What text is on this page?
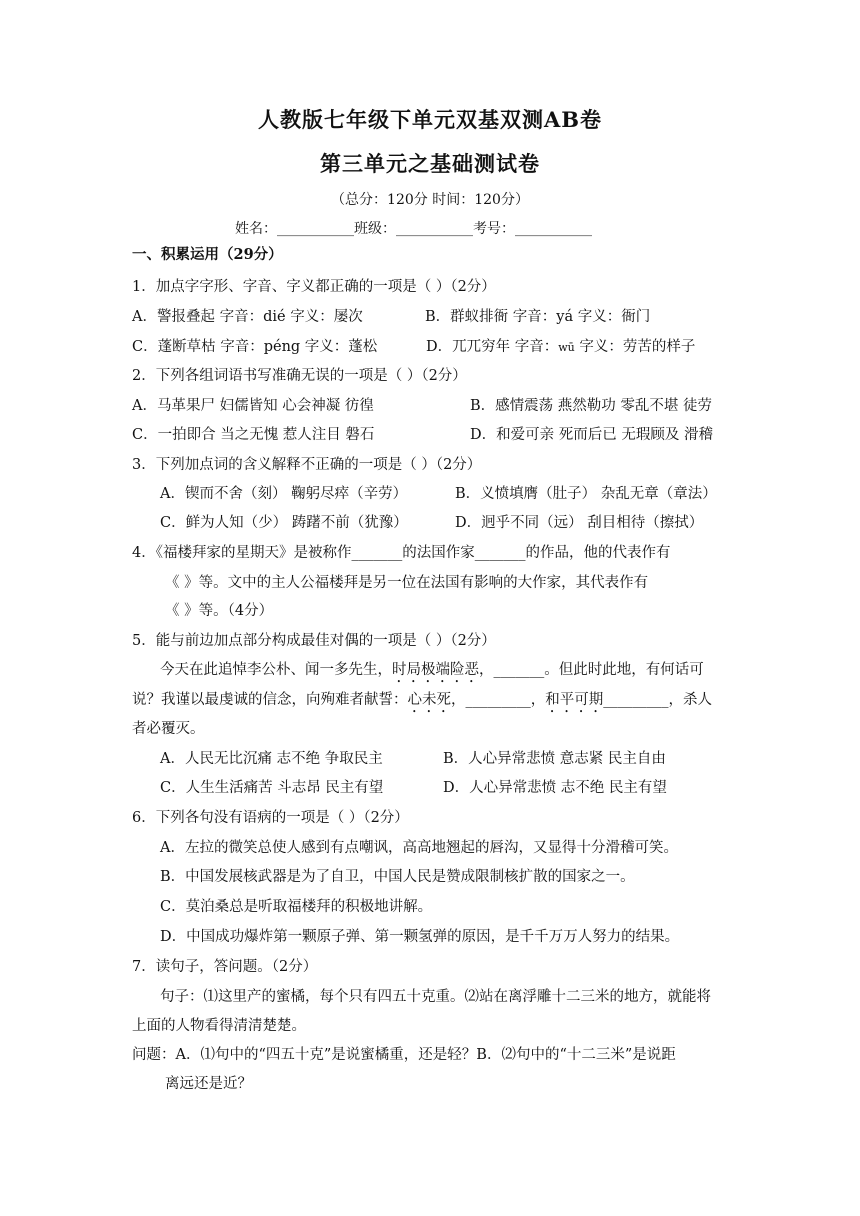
人教版七年级下单元双基双测AB卷
第三单元之基础测试卷
（总分：120分 时间：120分）
姓名：___________班级：___________考号：___________
一、积累运用（29分）
1．加点字字形、字音、字义都正确的一项是（ ）（2分）
A．警报叠起 字音：dié 字义：屡次	B．群蚁排衙 字音：yá 字义：衙门
C．蓬断草枯 字音：péng 字义：蓬松	D．兀兀穷年 字音：wū 字义：劳苦的样子
2．下列各组词语书写准确无误的一项是（ ）（2分）
A．马革果尸 妇儒皆知 心会神凝 彷徨	B．感情震荡 燕然勒功 零乱不堪 徒劳
C．一拍即合 当之无愧 惹人注目 磐石	D．和爱可亲 死而后已 无瑕顾及 滑稽
3．下列加点词的含义解释不正确的一项是（ ）（2分）
A．锲而不舍（刻） 鞠躬尽瘁（辛劳）	B．义愤填膺（肚子） 杂乱无章（章法）
C．鲜为人知（少） 踌躇不前（犹豫）	D．迥乎不同（远） 刮目相待（擦拭）
4．《福楼拜家的星期天》是被称作_______的法国作家_______的作品，他的代表作有
《 》等。文中的主人公福楼拜是另一位在法国有影响的大作家，其代表作有
《 》等。（4分）
5．能与前边加点部分构成最佳对偶的一项是（ ）（2分）
今天在此追悼李公朴、闻一多先生，时局极端险恶，_______。但此时此地，有何话可
说？我谨以最虔诚的信念，向殉难者献誓：心未死，_________，和平可期_________，杀人
者必覆灭。
A．人民无比沉痛 志不绝 争取民主	B．人心异常悲愤 意志紧 民主自由
C．人生生活痛苦 斗志昂 民主有望	D．人心异常悲愤 志不绝 民主有望
6．下列各句没有语病的一项是（ ）（2分）
A．左拉的微笑总使人感到有点嘲讽，高高地翘起的唇沟，又显得十分滑稽可笑。
B．中国发展核武器是为了自卫，中国人民是赞成限制核扩散的国家之一。
C．莫泊桑总是听取福楼拜的积极地讲解。
D．中国成功爆炸第一颗原子弹、第一颗氢弹的原因，是千千万万人努力的结果。
7．读句子，答问题。（2分）
句子：⑴这里产的蜜橘，每个只有四五十克重。⑵站在离浮雕十二三米的地方，就能将
上面的人物看得清清楚楚。
问题：A．⑴句中的“四五十克”是说蜜橘重，还是轻？B．⑵句中的“十二三米”是说距
离远还是近？
